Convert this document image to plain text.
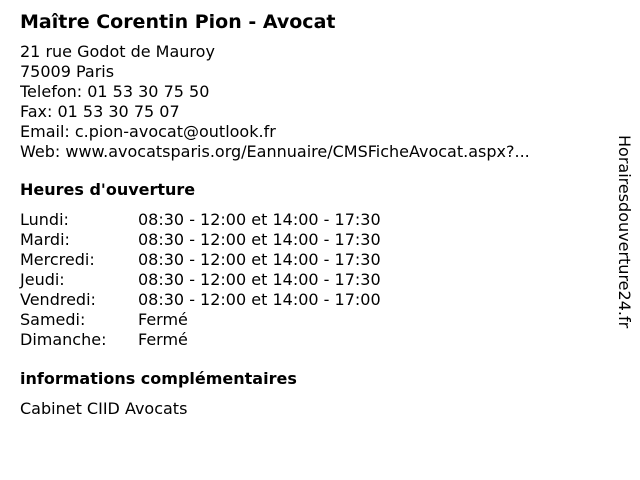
Maître Corentin Pion - Avocat
21 rue Godot de Mauroy
75009 Paris
Telefon: 01 53 30 75 50
Fax: 01 53 30 75 07
Email: c.pion-avocat@outlook.fr
Web: www.avocatsparis.org/Eannuaire/CMSFicheAvocat.aspx?...
Heures d'ouverture
Lundi:	08:30 - 12:00 et 14:00 - 17:30
Mardi:	08:30 - 12:00 et 14:00 - 17:30
Mercredi:	08:30 - 12:00 et 14:00 - 17:30
Jeudi:	08:30 - 12:00 et 14:00 - 17:30
Vendredi:	08:30 - 12:00 et 14:00 - 17:00
Samedi:	Fermé
Dimanche:	Fermé
informations complémentaires
Cabinet CIID Avocats
Horairesdouverture24.fr
